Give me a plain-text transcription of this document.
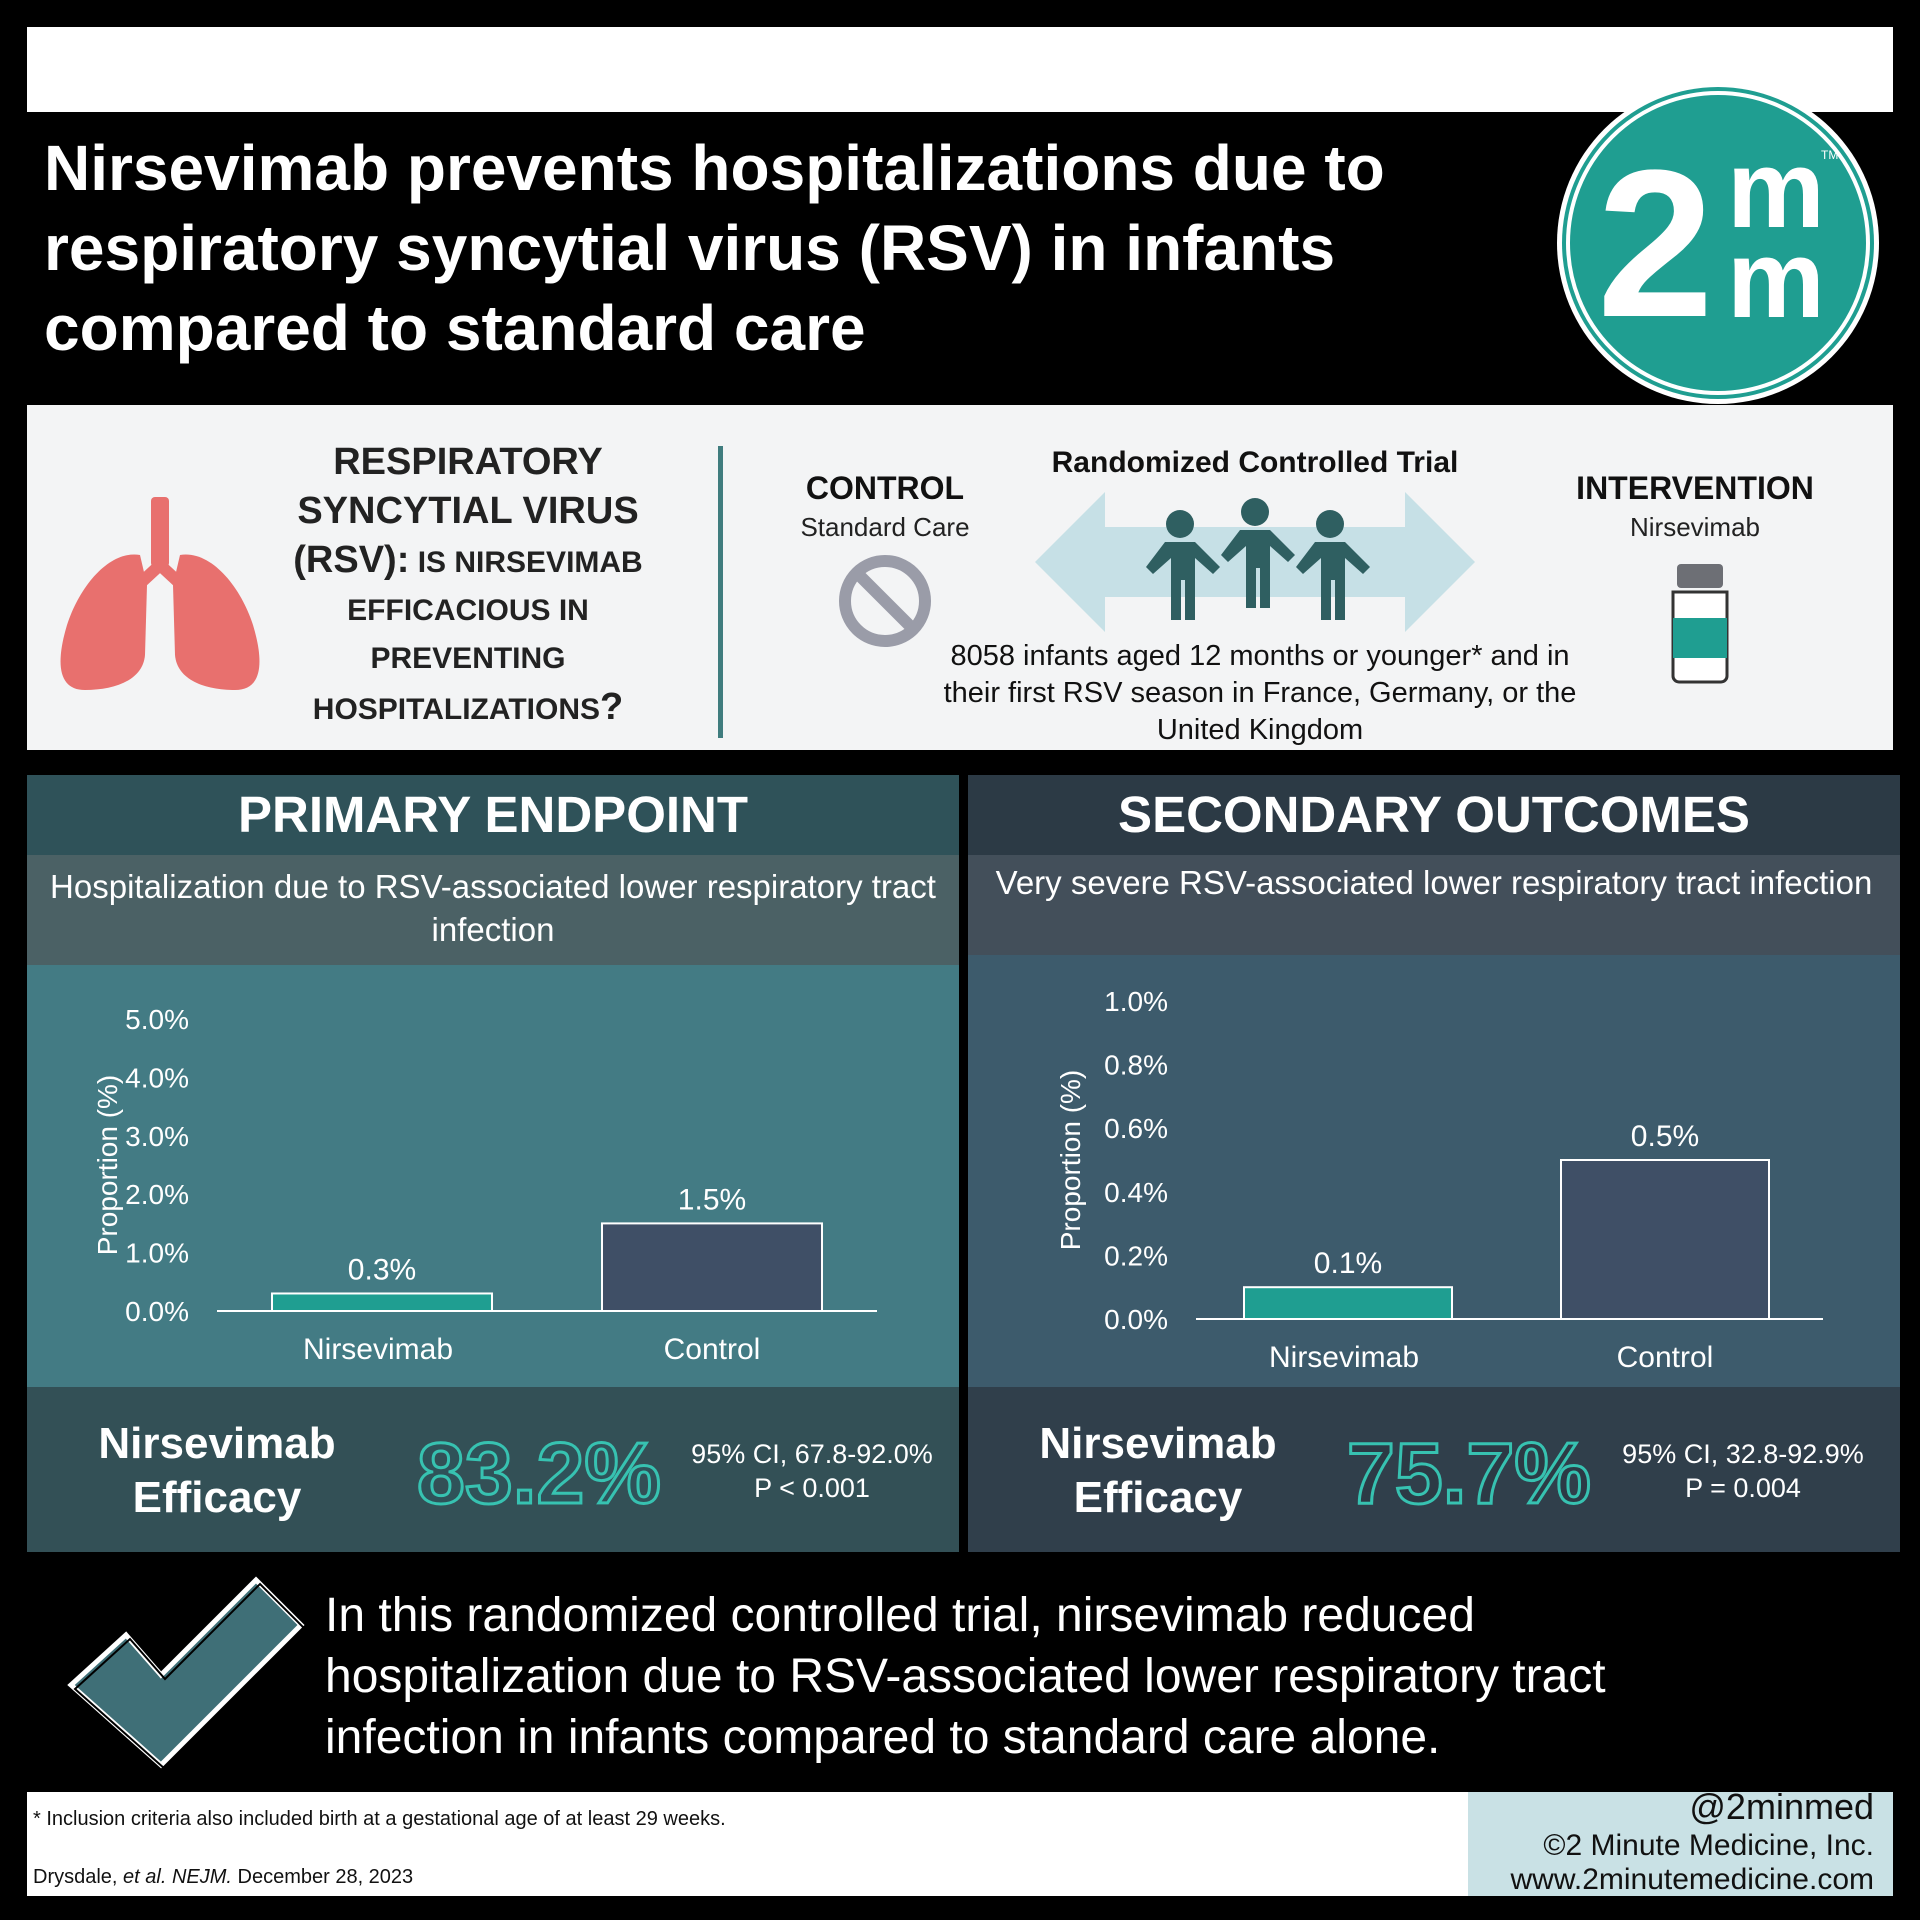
Nirsevimab prevents hospitalizations due to respiratory syncytial virus (RSV) in infants compared to standard care	2 m
m
TM
RESPIRATORY
SYNCYTIAL VIRUS
(RSV): IS NIRSEVIMAB
EFFICACIOUS IN
PREVENTING
HOSPITALIZATIONS?
CONTROL
Standard Care
Randomized Controlled Trial
8058 infants aged 12 months or younger* and in their first RSV season in France, Germany, or the United Kingdom
INTERVENTION
Nirsevimab
PRIMARY ENDPOINT
Hospitalization due to RSV-associated lower respiratory tract infection
0.0%
1.0%
2.0%
3.0%
4.0%
5.0%
Proportion (%)
0.3%
Nirsevimab
1.5%
Control
Nirsevimab
Efficacy	83.2%	95% CI, 67.8-92.0%
P < 0.001
SECONDARY OUTCOMES
Very severe RSV-associated lower respiratory tract infection
0.0%
0.2%
0.4%
0.6%
0.8%
1.0%
Proportion (%)
0.1%
Nirsevimab
0.5%
Control
Nirsevimab
Efficacy	75.7%	95% CI, 32.8-92.9%
P = 0.004
In this randomized controlled trial, nirsevimab reduced hospitalization due to RSV-associated lower respiratory tract infection in infants compared to standard care alone.
* Inclusion criteria also included birth at a gestational age of at least 29 weeks.
Drysdale, et al. NEJM. December 28, 2023
@2minmed
©2 Minute Medicine, Inc.
www.2minutemedicine.com
